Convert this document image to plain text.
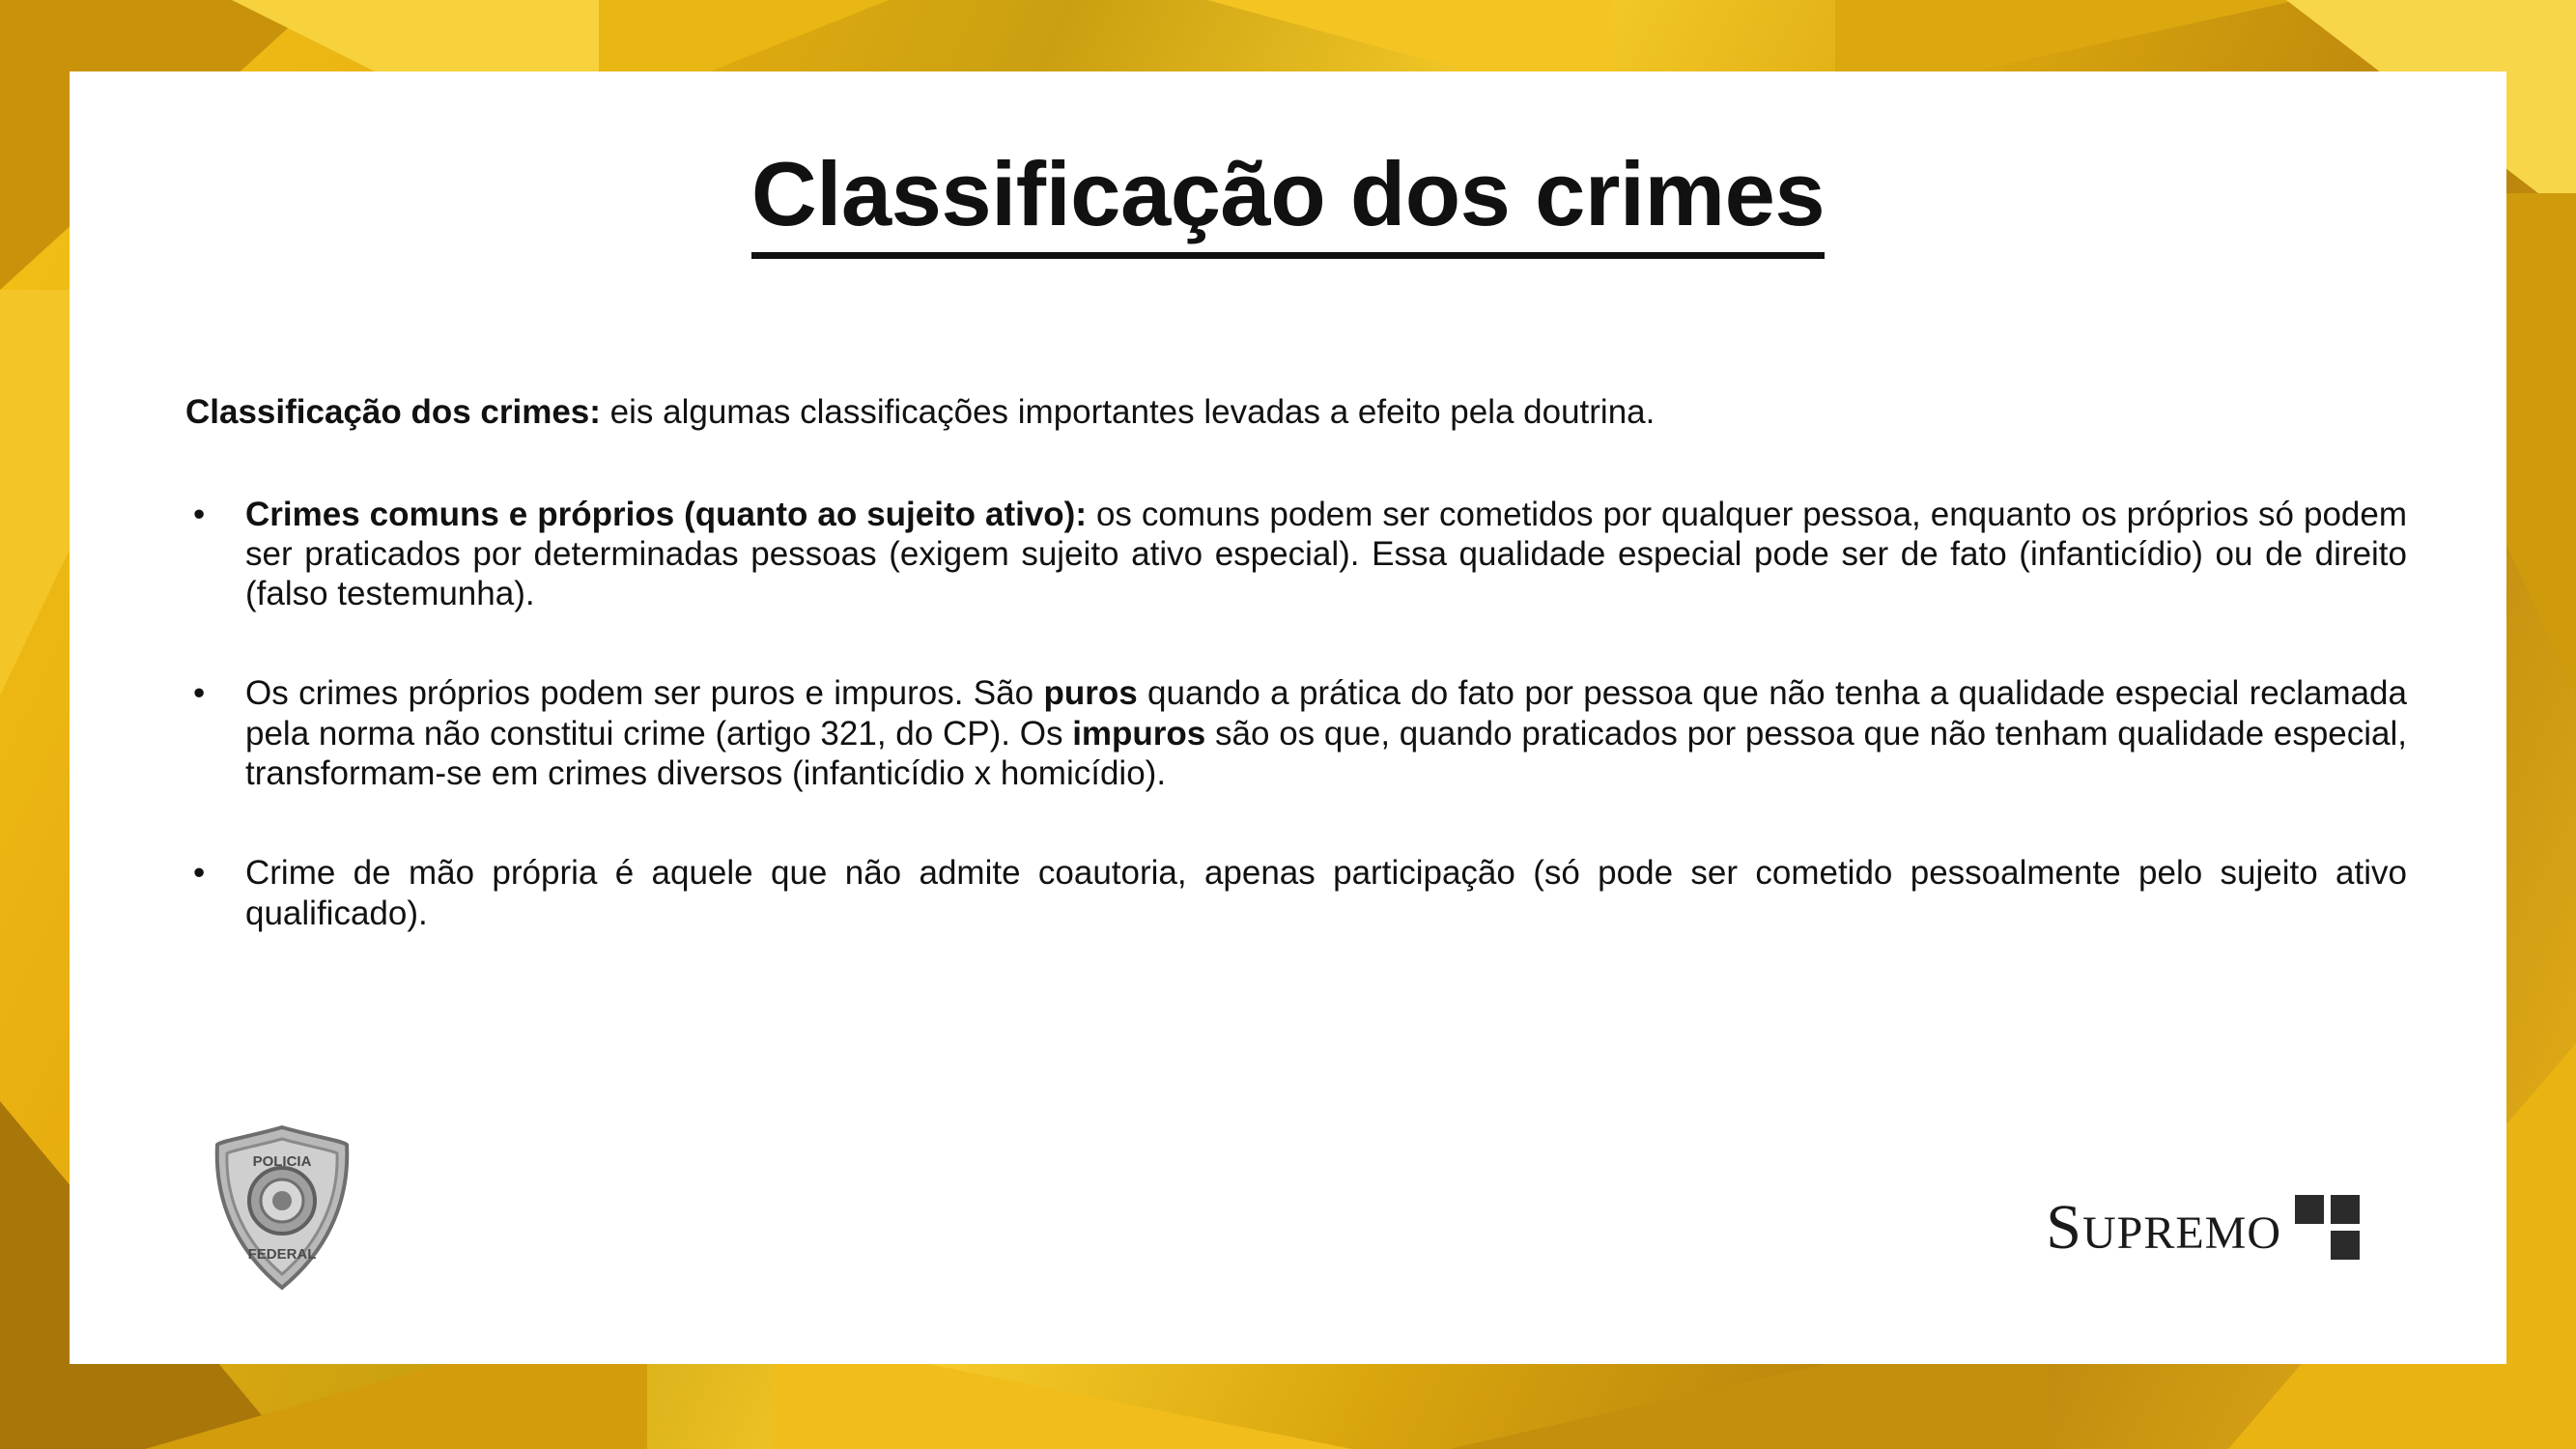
Classificação dos crimes

Classificação dos crimes: eis algumas classificações importantes levadas a efeito pela doutrina.

• Crimes comuns e próprios (quanto ao sujeito ativo): os comuns podem ser cometidos por qualquer pessoa, enquanto os próprios só podem ser praticados por determinadas pessoas (exigem sujeito ativo especial). Essa qualidade especial pode ser de fato (infanticídio) ou de direito (falso testemunha).
• Os crimes próprios podem ser puros e impuros. São puros quando a prática do fato por pessoa que não tenha a qualidade especial reclamada pela norma não constitui crime (artigo 321, do CP). Os impuros são os que, quando praticados por pessoa que não tenham qualidade especial, transformam-se em crimes diversos (infanticídio x homicídio).
• Crime de mão própria é aquele que não admite coautoria, apenas participação (só pode ser cometido pessoalmente pelo sujeito ativo qualificado).
POLICIA
FEDERAL	SUPREMO
